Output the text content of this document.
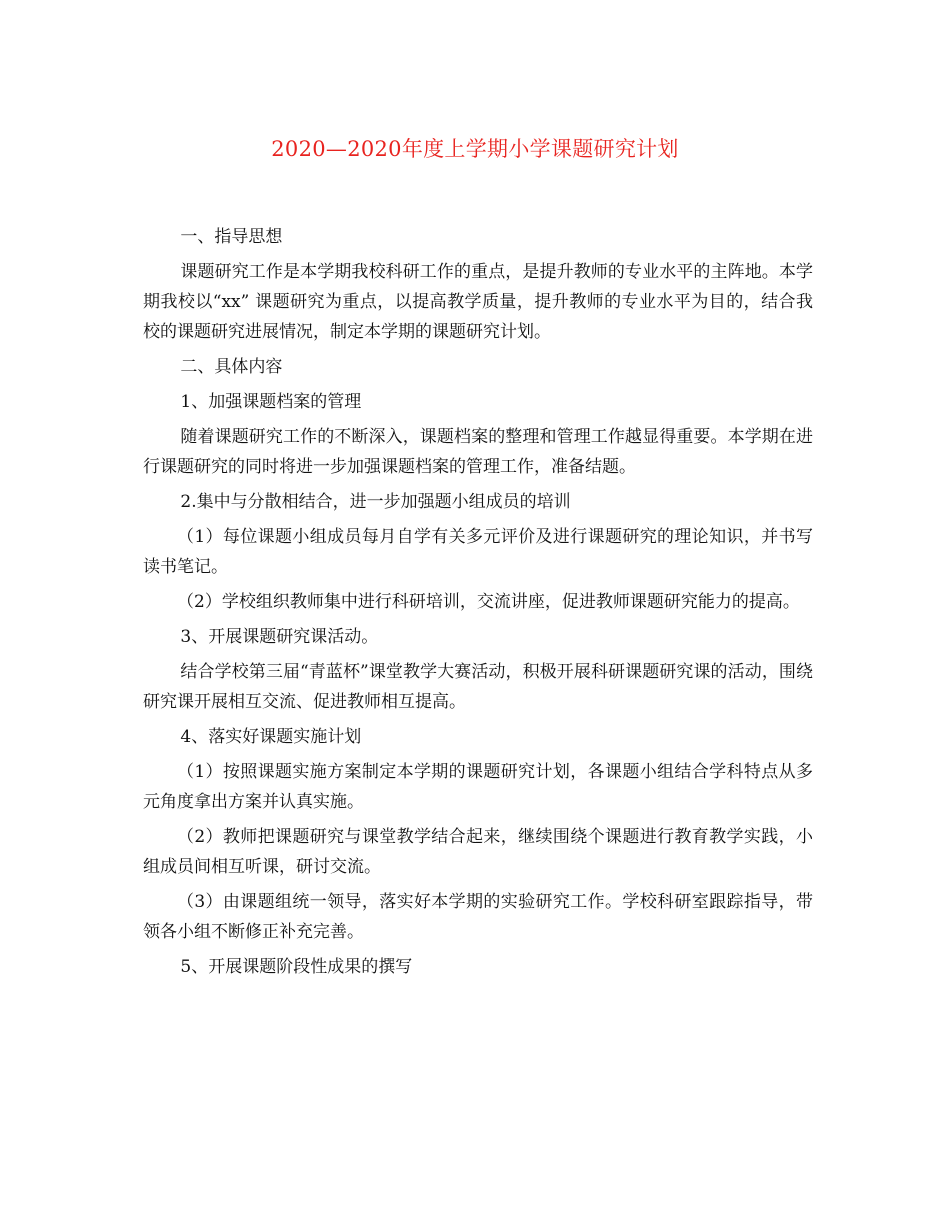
2020—2020年度上学期小学课题研究计划

一、指导思想

课题研究工作是本学期我校科研工作的重点，是提升教师的专业水平的主阵地。本学期我校以“xx” 课题研究为重点，以提高教学质量，提升教师的专业水平为目的，结合我校的课题研究进展情况，制定本学期的课题研究计划。

二、具体内容

1、加强课题档案的管理

随着课题研究工作的不断深入，课题档案的整理和管理工作越显得重要。本学期在进行课题研究的同时将进一步加强课题档案的管理工作，准备结题。

2.集中与分散相结合，进一步加强题小组成员的培训

（1）每位课题小组成员每月自学有关多元评价及进行课题研究的理论知识，并书写读书笔记。

（2）学校组织教师集中进行科研培训，交流讲座，促进教师课题研究能力的提高。

3、开展课题研究课活动。

结合学校第三届“青蓝杯”课堂教学大赛活动，积极开展科研课题研究课的活动，围绕研究课开展相互交流、促进教师相互提高。

4、落实好课题实施计划

（1）按照课题实施方案制定本学期的课题研究计划，各课题小组结合学科特点从多元角度拿出方案并认真实施。

（2）教师把课题研究与课堂教学结合起来，继续围绕个课题进行教育教学实践，小组成员间相互听课，研讨交流。

（3）由课题组统一领导，落实好本学期的实验研究工作。学校科研室跟踪指导，带领各小组不断修正补充完善。

5、开展课题阶段性成果的撰写
